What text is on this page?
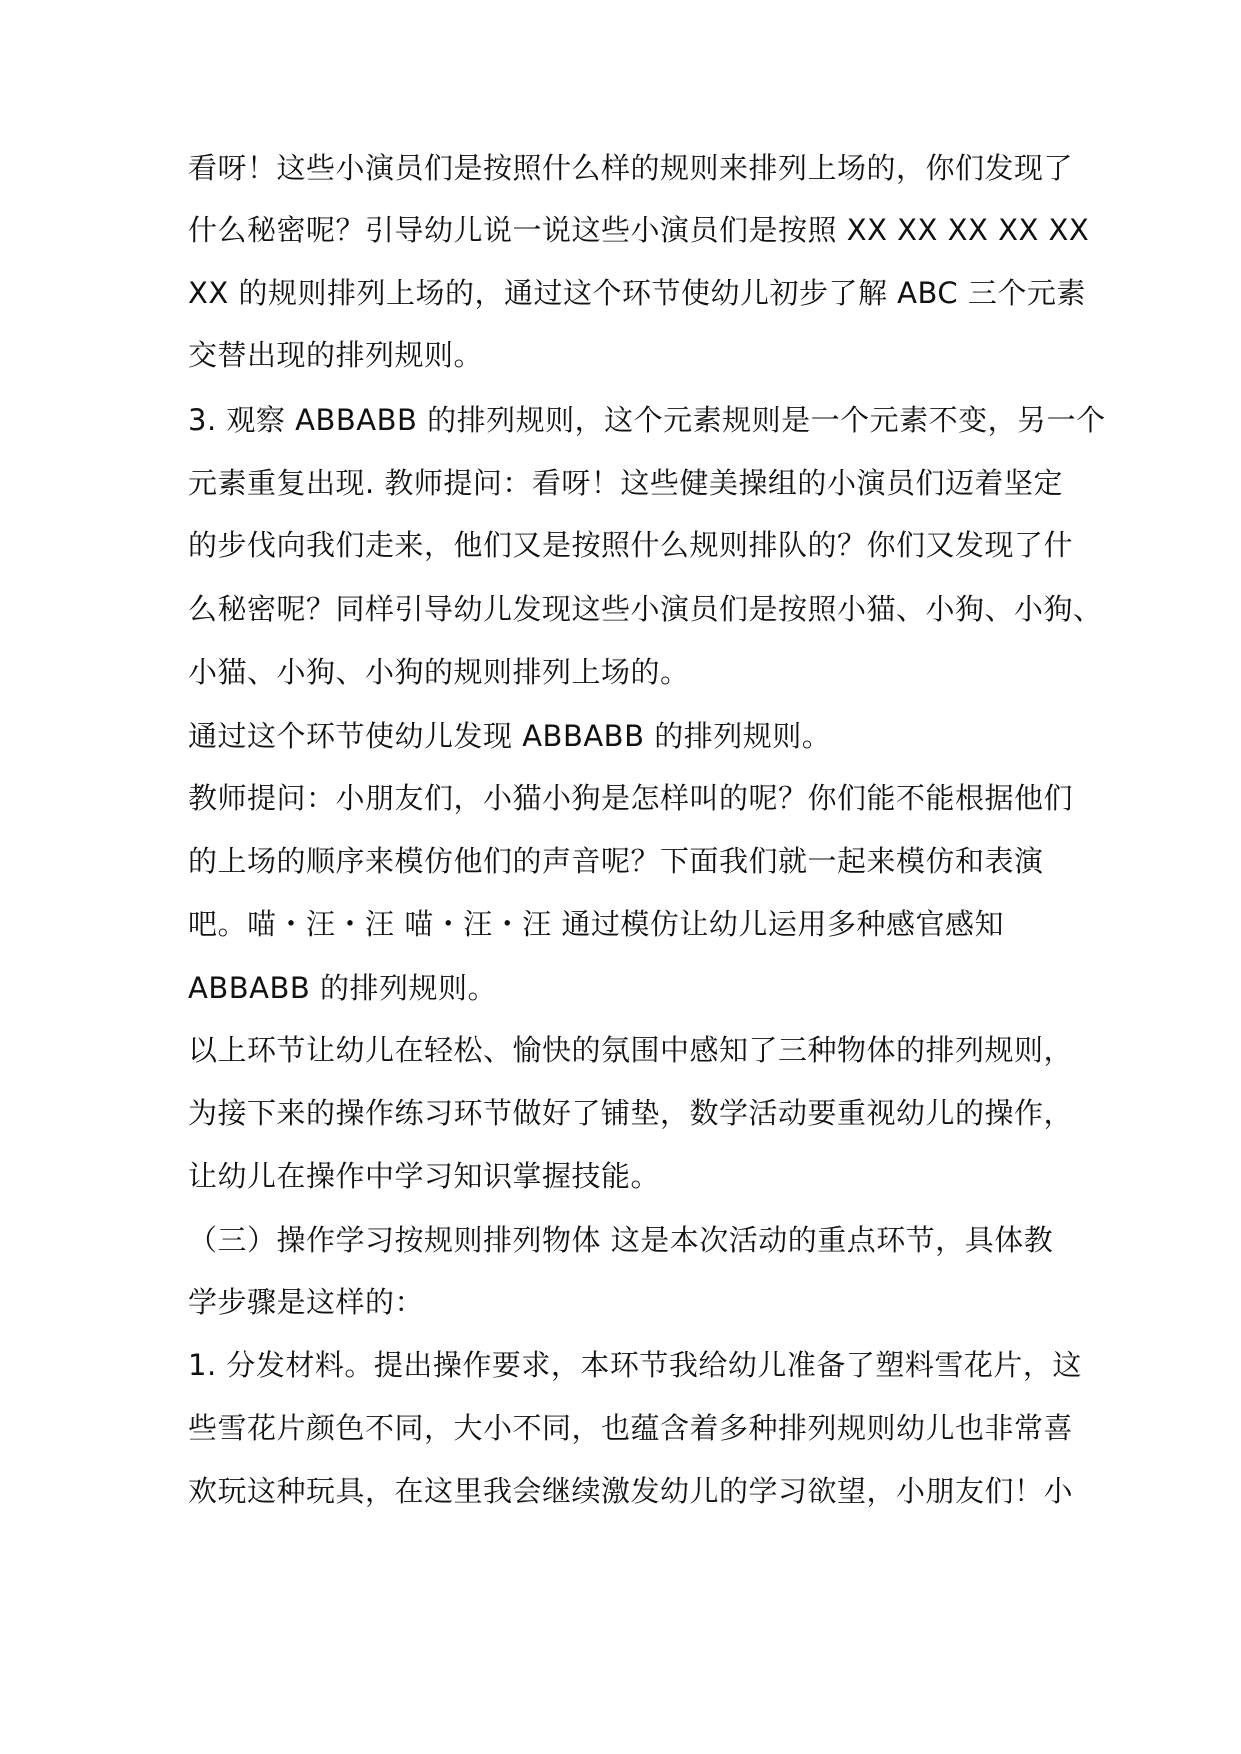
看呀！这些小演员们是按照什么样的规则来排列上场的，你们发现了
什么秘密呢？引导幼儿说一说这些小演员们是按照 XX XX XX XX XX
XX 的规则排列上场的，通过这个环节使幼儿初步了解 ABC 三个元素
交替出现的排列规则。
3. 观察 ABBABB 的排列规则，这个元素规则是一个元素不变，另一个
元素重复出现. 教师提问：看呀！这些健美操组的小演员们迈着坚定
的步伐向我们走来，他们又是按照什么规则排队的？你们又发现了什
么秘密呢？同样引导幼儿发现这些小演员们是按照小猫、小狗、小狗、
小猫、小狗、小狗的规则排列上场的。
通过这个环节使幼儿发现 ABBABB 的排列规则。
教师提问：小朋友们，小猫小狗是怎样叫的呢？你们能不能根据他们
的上场的顺序来模仿他们的声音呢？下面我们就一起来模仿和表演
吧。喵・汪・汪 喵・汪・汪 通过模仿让幼儿运用多种感官感知
ABBABB 的排列规则。
以上环节让幼儿在轻松、愉快的氛围中感知了三种物体的排列规则，
为接下来的操作练习环节做好了铺垫，数学活动要重视幼儿的操作，
让幼儿在操作中学习知识掌握技能。
（三）操作学习按规则排列物体 这是本次活动的重点环节，具体教
学步骤是这样的：
1. 分发材料。提出操作要求，本环节我给幼儿准备了塑料雪花片，这
些雪花片颜色不同，大小不同，也蕴含着多种排列规则幼儿也非常喜
欢玩这种玩具，在这里我会继续激发幼儿的学习欲望，小朋友们！小
